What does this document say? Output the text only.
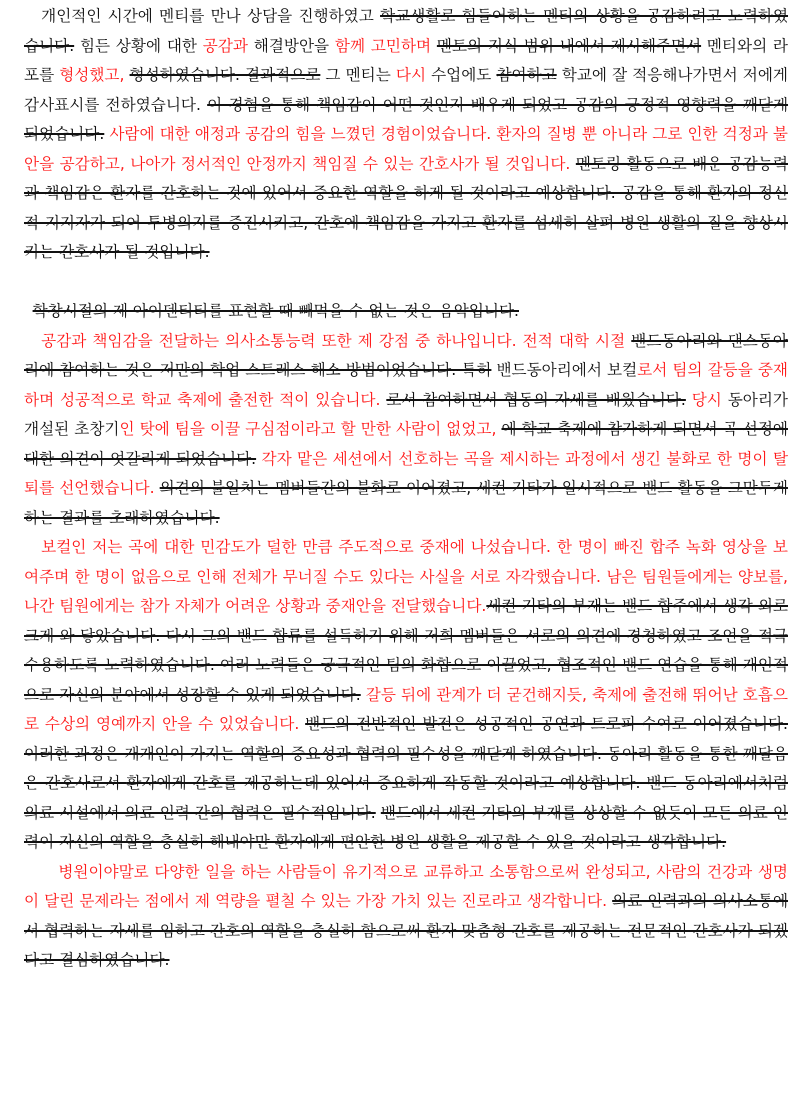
개인적인 시간에 멘티를 만나 상담을 진행하였고 학교생활로 힘들어하는 멘티의 상황을 공감하려고 노력하였습니다. 힘든 상황에 대한 공감과 해결방안을 함께 고민하며 멘토의 지식 범위 내에서 제시해주면서 멘티와의 라포를 형성했고, 형성하였습니다. 결과적으로 그 멘티는 다시 수업에도 참여하고 학교에 잘 적응해나가면서 저에게 감사표시를 전하였습니다. 이 경험을 통해 책임감이 어떤 것인지 배우게 되었고 공감의 긍정적 영향력을 깨닫게 되었습니다. 사람에 대한 애정과 공감의 힘을 느꼈던 경험이었습니다. 환자의 질병 뿐 아니라 그로 인한 걱정과 불안을 공감하고, 나아가 정서적인 안정까지 책임질 수 있는 간호사가 될 것입니다. 멘토링 활동으로 배운 공감능력과 책임감은 환자를 간호하는 것에 있어서 중요한 역할을 하게 될 것이라고 예상합니다. 공감을 통해 환자의 정신적 지지자가 되어 투병의지를 증진시키고, 간호에 책임감을 가지고 환자를 섬세히 살펴 병원 생활의 질을 향상시키는 간호사가 될 것입니다.

학창시절의 제 아이덴티티를 표현할 때 빼먹을 수 없는 것은 음악입니다.

공감과 책임감을 전달하는 의사소통능력 또한 제 강점 중 하나입니다. 전적 대학 시절 밴드동아리와 댄스동아리에 참여하는 것은 저만의 학업 스트레스 해소 방법이었습니다. 특히 밴드동아리에서 보컬로서 팀의 갈등을 중재하며 성공적으로 학교 축제에 출전한 적이 있습니다. 로서 참여하면서 협동의 자세를 배웠습니다. 당시 동아리가 개설된 초창기인 탓에 팀을 이끌 구심점이라고 할 만한 사람이 없었고, 에 학교 축제에 참가하게 되면서 곡 선정에 대한 의견이 엇갈리게 되었습니다. 각자 맡은 세션에서 선호하는 곡을 제시하는 과정에서 생긴 불화로 한 명이 탈퇴를 선언했습니다. 의견의 불일치는 멤버들간의 불화로 이어졌고, 세컨 기타가 일시적으로 밴드 활동을 그만두게 하는 결과를 초래하였습니다.

보컬인 저는 곡에 대한 민감도가 덜한 만큼 주도적으로 중재에 나섰습니다. 한 명이 빠진 합주 녹화 영상을 보여주며 한 명이 없음으로 인해 전체가 무너질 수도 있다는 사실을 서로 자각했습니다. 남은 팀원들에게는 양보를, 나간 팀원에게는 참가 자체가 어려운 상황과 중재안을 전달했습니다.세컨 기타의 부재는 밴드 합주에서 생각 외로 크게 와 닿았습니다. 다시 그의 밴드 합류를 설득하기 위해 저희 멤버들은 서로의 의견에 경청하였고 조언을 적극 수용하도록 노력하였습니다. 여러 노력들은 궁극적인 팀의 화합으로 이끌었고, 협조적인 밴드 연습을 통해 개인적으로 자신의 분야에서 성장할 수 있게 되었습니다. 갈등 뒤에 관계가 더 굳건해지듯, 축제에 출전해 뛰어난 호흡으로 수상의 영예까지 안을 수 있었습니다. 밴드의 전반적인 발전은 성공적인 공연과 트로피 수여로 이어졌습니다. 이러한 과정은 개개인이 가지는 역할의 중요성과 협력의 필수성을 깨닫게 하였습니다. 동아리 활동을 통한 깨달음은 간호사로서 환자에게 간호를 제공하는데 있어서 중요하게 작동할 것이라고 예상합니다. 밴드 동아리에서처럼 의료 시설에서 의료 인력 간의 협력은 필수적입니다. 밴드에서 세컨 기타의 부재를 상상할 수 없듯이 모든 의료 인력이 자신의 역할을 충실히 해내야만 환자에게 편안한 병원 생활을 제공할 수 있을 것이라고 생각합니다.

병원이야말로 다양한 일을 하는 사람들이 유기적으로 교류하고 소통함으로써 완성되고, 사람의 건강과 생명이 달린 문제라는 점에서 제 역량을 펼칠 수 있는 가장 가치 있는 진로라고 생각합니다. 의료 인력과의 의사소통에서 협력하는 자세를 임하고 간호의 역할을 충실히 함으로써 환자 맞춤형 간호를 제공하는 전문적인 간호사가 되겠다고 결심하였습니다.
